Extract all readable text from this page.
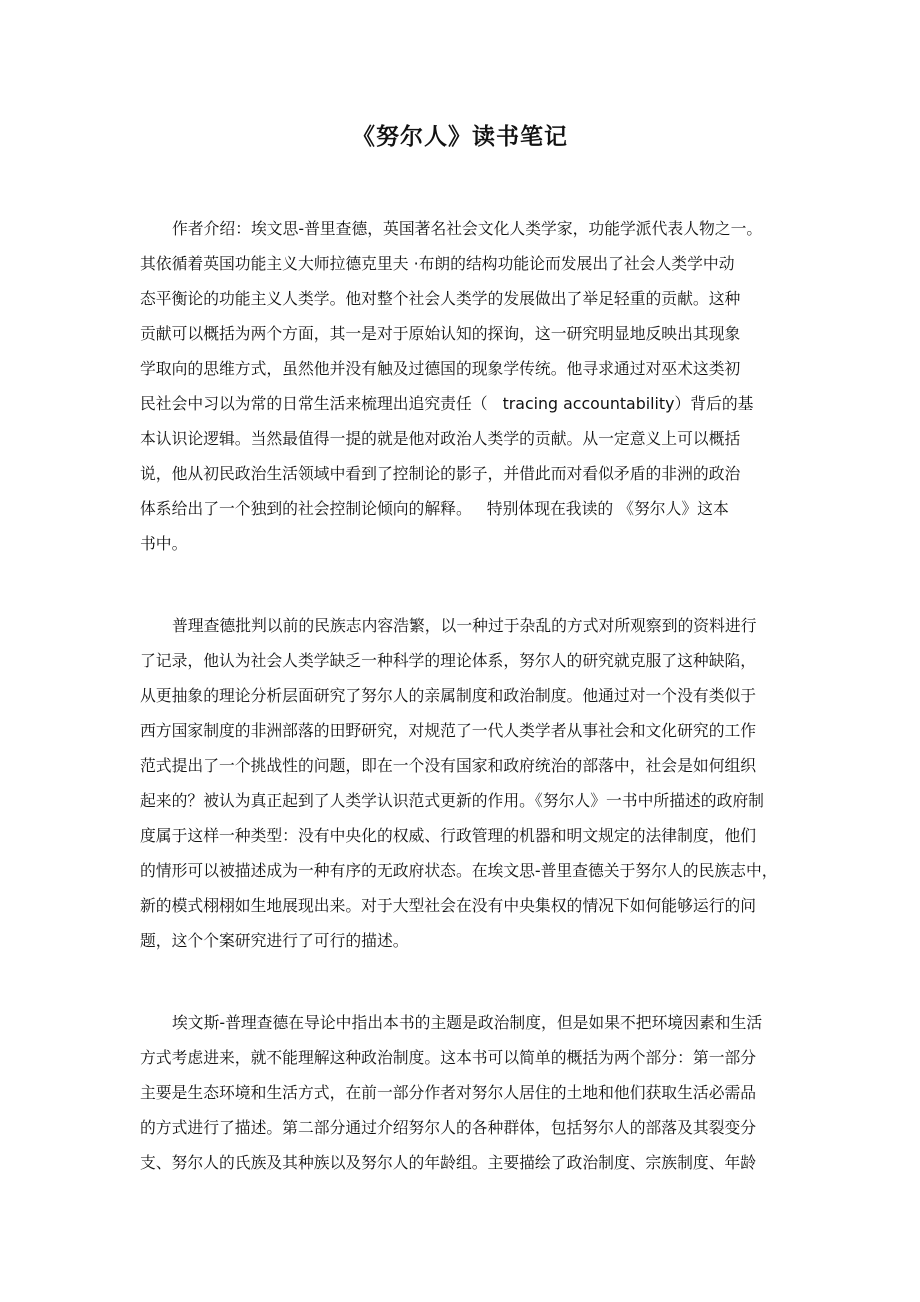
《努尔人》读书笔记

作者介绍：埃文思-普里查德，英国著名社会文化人类学家，功能学派代表人物之一。

其依循着英国功能主义大师拉德克里夫 ·布朗的结构功能论而发展出了社会人类学中动

态平衡论的功能主义人类学。他对整个社会人类学的发展做出了举足轻重的贡献。这种

贡献可以概括为两个方面，其一是对于原始认知的探询，这一研究明显地反映出其现象

学取向的思维方式，虽然他并没有触及过德国的现象学传统。他寻求通过对巫术这类初

民社会中习以为常的日常生活来梳理出追究责任（   tracing accountability）背后的基

本认识论逻辑。当然最值得一提的就是他对政治人类学的贡献。从一定意义上可以概括

说，他从初民政治生活领域中看到了控制论的影子，并借此而对看似矛盾的非洲的政治

体系给出了一个独到的社会控制论倾向的解释。   特别体现在我读的 《努尔人》这本

书中。

普理查德批判以前的民族志内容浩繁，以一种过于杂乱的方式对所观察到的资料进行

了记录，他认为社会人类学缺乏一种科学的理论体系，努尔人的研究就克服了这种缺陷，

从更抽象的理论分析层面研究了努尔人的亲属制度和政治制度。他通过对一个没有类似于

西方国家制度的非洲部落的田野研究，对规范了一代人类学者从事社会和文化研究的工作

范式提出了一个挑战性的问题，即在一个没有国家和政府统治的部落中，社会是如何组织

起来的？被认为真正起到了人类学认识范式更新的作用。《努尔人》一书中所描述的政府制

度属于这样一种类型：没有中央化的权威、行政管理的机器和明文规定的法律制度，他们

的情形可以被描述成为一种有序的无政府状态。在埃文思-普里查德关于努尔人的民族志中，

新的模式栩栩如生地展现出来。对于大型社会在没有中央集权的情况下如何能够运行的问

题，这个个案研究进行了可行的描述。

埃文斯-普理查德在导论中指出本书的主题是政治制度，但是如果不把环境因素和生活

方式考虑进来，就不能理解这种政治制度。这本书可以简单的概括为两个部分：第一部分

主要是生态环境和生活方式，在前一部分作者对努尔人居住的土地和他们获取生活必需品

的方式进行了描述。第二部分通过介绍努尔人的各种群体，包括努尔人的部落及其裂变分

支、努尔人的氏族及其种族以及努尔人的年龄组。主要描绘了政治制度、宗族制度、年龄
